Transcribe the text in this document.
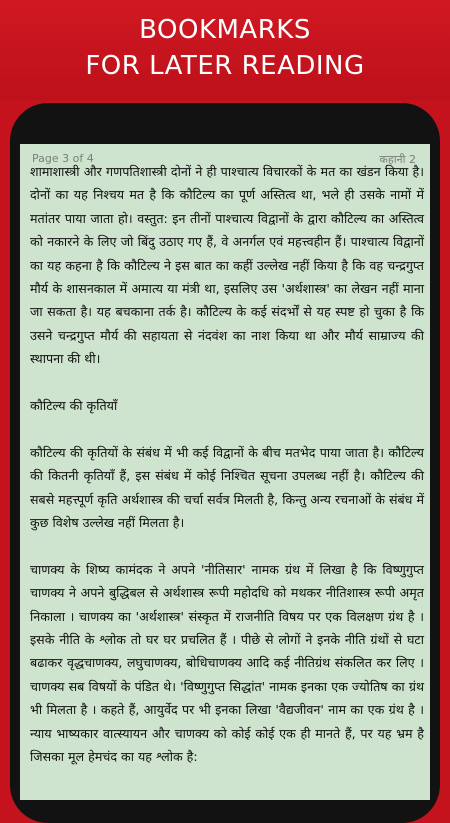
BOOKMARKS
FOR LATER READING
Page 3 of 4	कहानी 2

शामाशास्त्री और गणपतिशास्त्री दोनों ने ही पाश्चात्य विचारकों के मत का खंडन किया है। दोनों का यह निश्चय मत है कि कौटिल्य का पूर्ण अस्तित्व था, भले ही उसके नामों में मतांतर पाया जाता हो। वस्तुत: इन तीनों पाश्चात्य विद्वानों के द्वारा कौटिल्य का अस्तित्व को नकारने के लिए जो बिंदु उठाए गए हैं, वे अनर्गल एवं महत्त्वहीन हैं। पाश्चात्य विद्वानों का यह कहना है कि कौटिल्य ने इस बात का कहीं उल्लेख नहीं किया है कि वह चन्द्रगुप्त मौर्य के शासनकाल में अमात्य या मंत्री था, इसलिए उस 'अर्थशास्त्र' का लेखन नहीं माना जा सकता है। यह बचकाना तर्क है। कौटिल्य के कई संदर्भों से यह स्पष्ट हो चुका है कि उसने चन्द्रगुप्त मौर्य की सहायता से नंदवंश का नाश किया था और मौर्य साम्राज्य की स्थापना की थी।

कौटिल्य की कृतियाँ

कौटिल्य की कृतियों के संबंध में भी कई विद्वानों के बीच मतभेद पाया जाता है। कौटिल्य की कितनी कृतियाँ हैं, इस संबंध में कोई निश्चित सूचना उपलब्ध नहीं है। कौटिल्य की सबसे महत्त्पूर्ण कृति अर्थशास्त्र की चर्चा सर्वत्र मिलती है, किन्तु अन्य रचनाओं के संबंध में कुछ विशेष उल्लेख नहीं मिलता है।

चाणक्य के शिष्य कामंदक ने अपने 'नीतिसार' नामक ग्रंथ में लिखा है कि विष्णुगुप्त चाणक्य ने अपने बुद्धिबल से अर्थशास्त्र रूपी महोदधि को मथकर नीतिशास्त्र रूपी अमृत निकाला । चाणक्य का 'अर्थशास्त्र' संस्कृत में राजनीति विषय पर एक विलक्षण ग्रंथ है । इसके नीति के श्लोक तो घर घर प्रचलित हैं । पीछे से लोगों ने इनके नीति ग्रंथों से घटा बढाकर वृद्धचाणक्य, लघुचाणक्य, बोधिचाणक्य आदि कई नीतिग्रंथ संकलित कर लिए । चाणक्य सब विषयों के पंडित थे। 'विष्णुगुप्त सिद्धांत' नामक इनका एक ज्योतिष का ग्रंथ भी मिलता है । कहते हैं, आयुर्वेद पर भी इनका लिखा 'वैद्यजीवन' नाम का एक ग्रंथ है । न्याय भाष्यकार वात्स्यायन और चाणक्य को कोई कोई एक ही मानते हैं, पर यह भ्रम है जिसका मूल हेमचंद का यह श्लोक है:
